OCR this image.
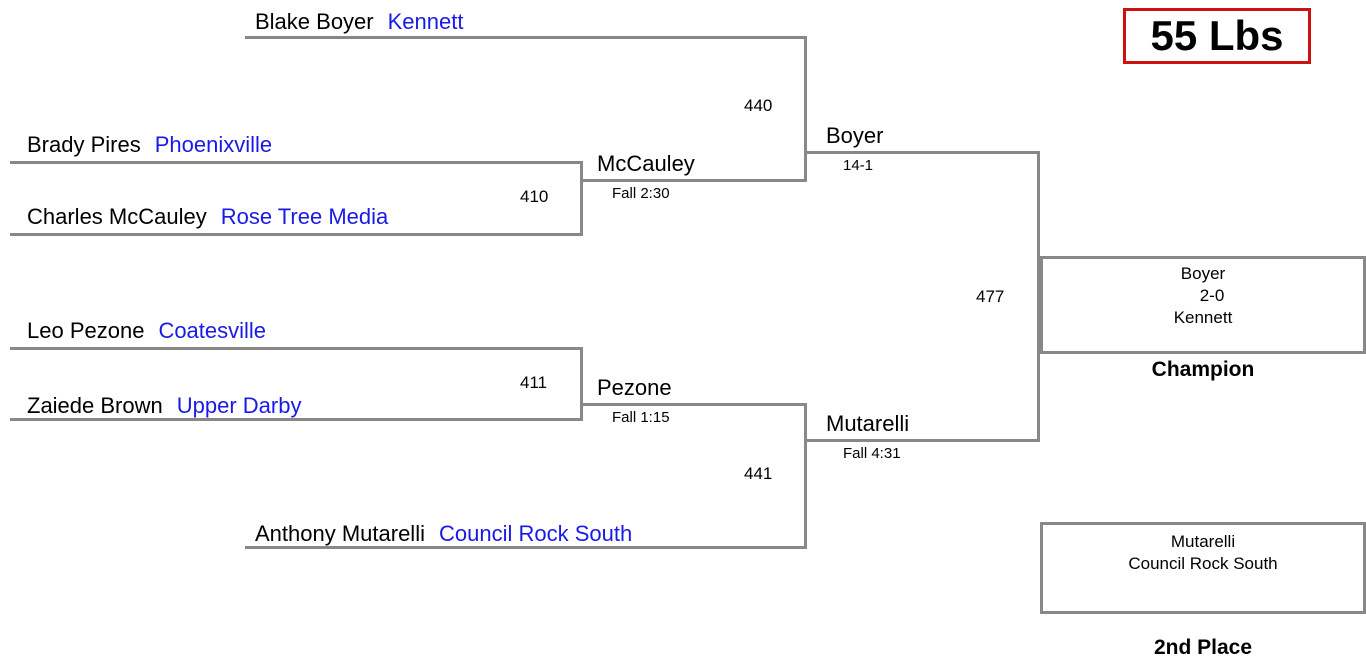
55 Lbs
Blake Boyer Kennett
Brady Pires Phoenixville
Charles McCauley Rose Tree Media
Leo Pezone Coatesville
Zaiede Brown Upper Darby
Anthony Mutarelli Council Rock South
410
McCauley
Fall 2:30
411 Pezone
Fall 1:15
440
Boyer
14-1
441
Mutarelli
Fall 4:31
477
Boyer
2-0
Kennett
Champion
Mutarelli
Council Rock South
2nd Place
